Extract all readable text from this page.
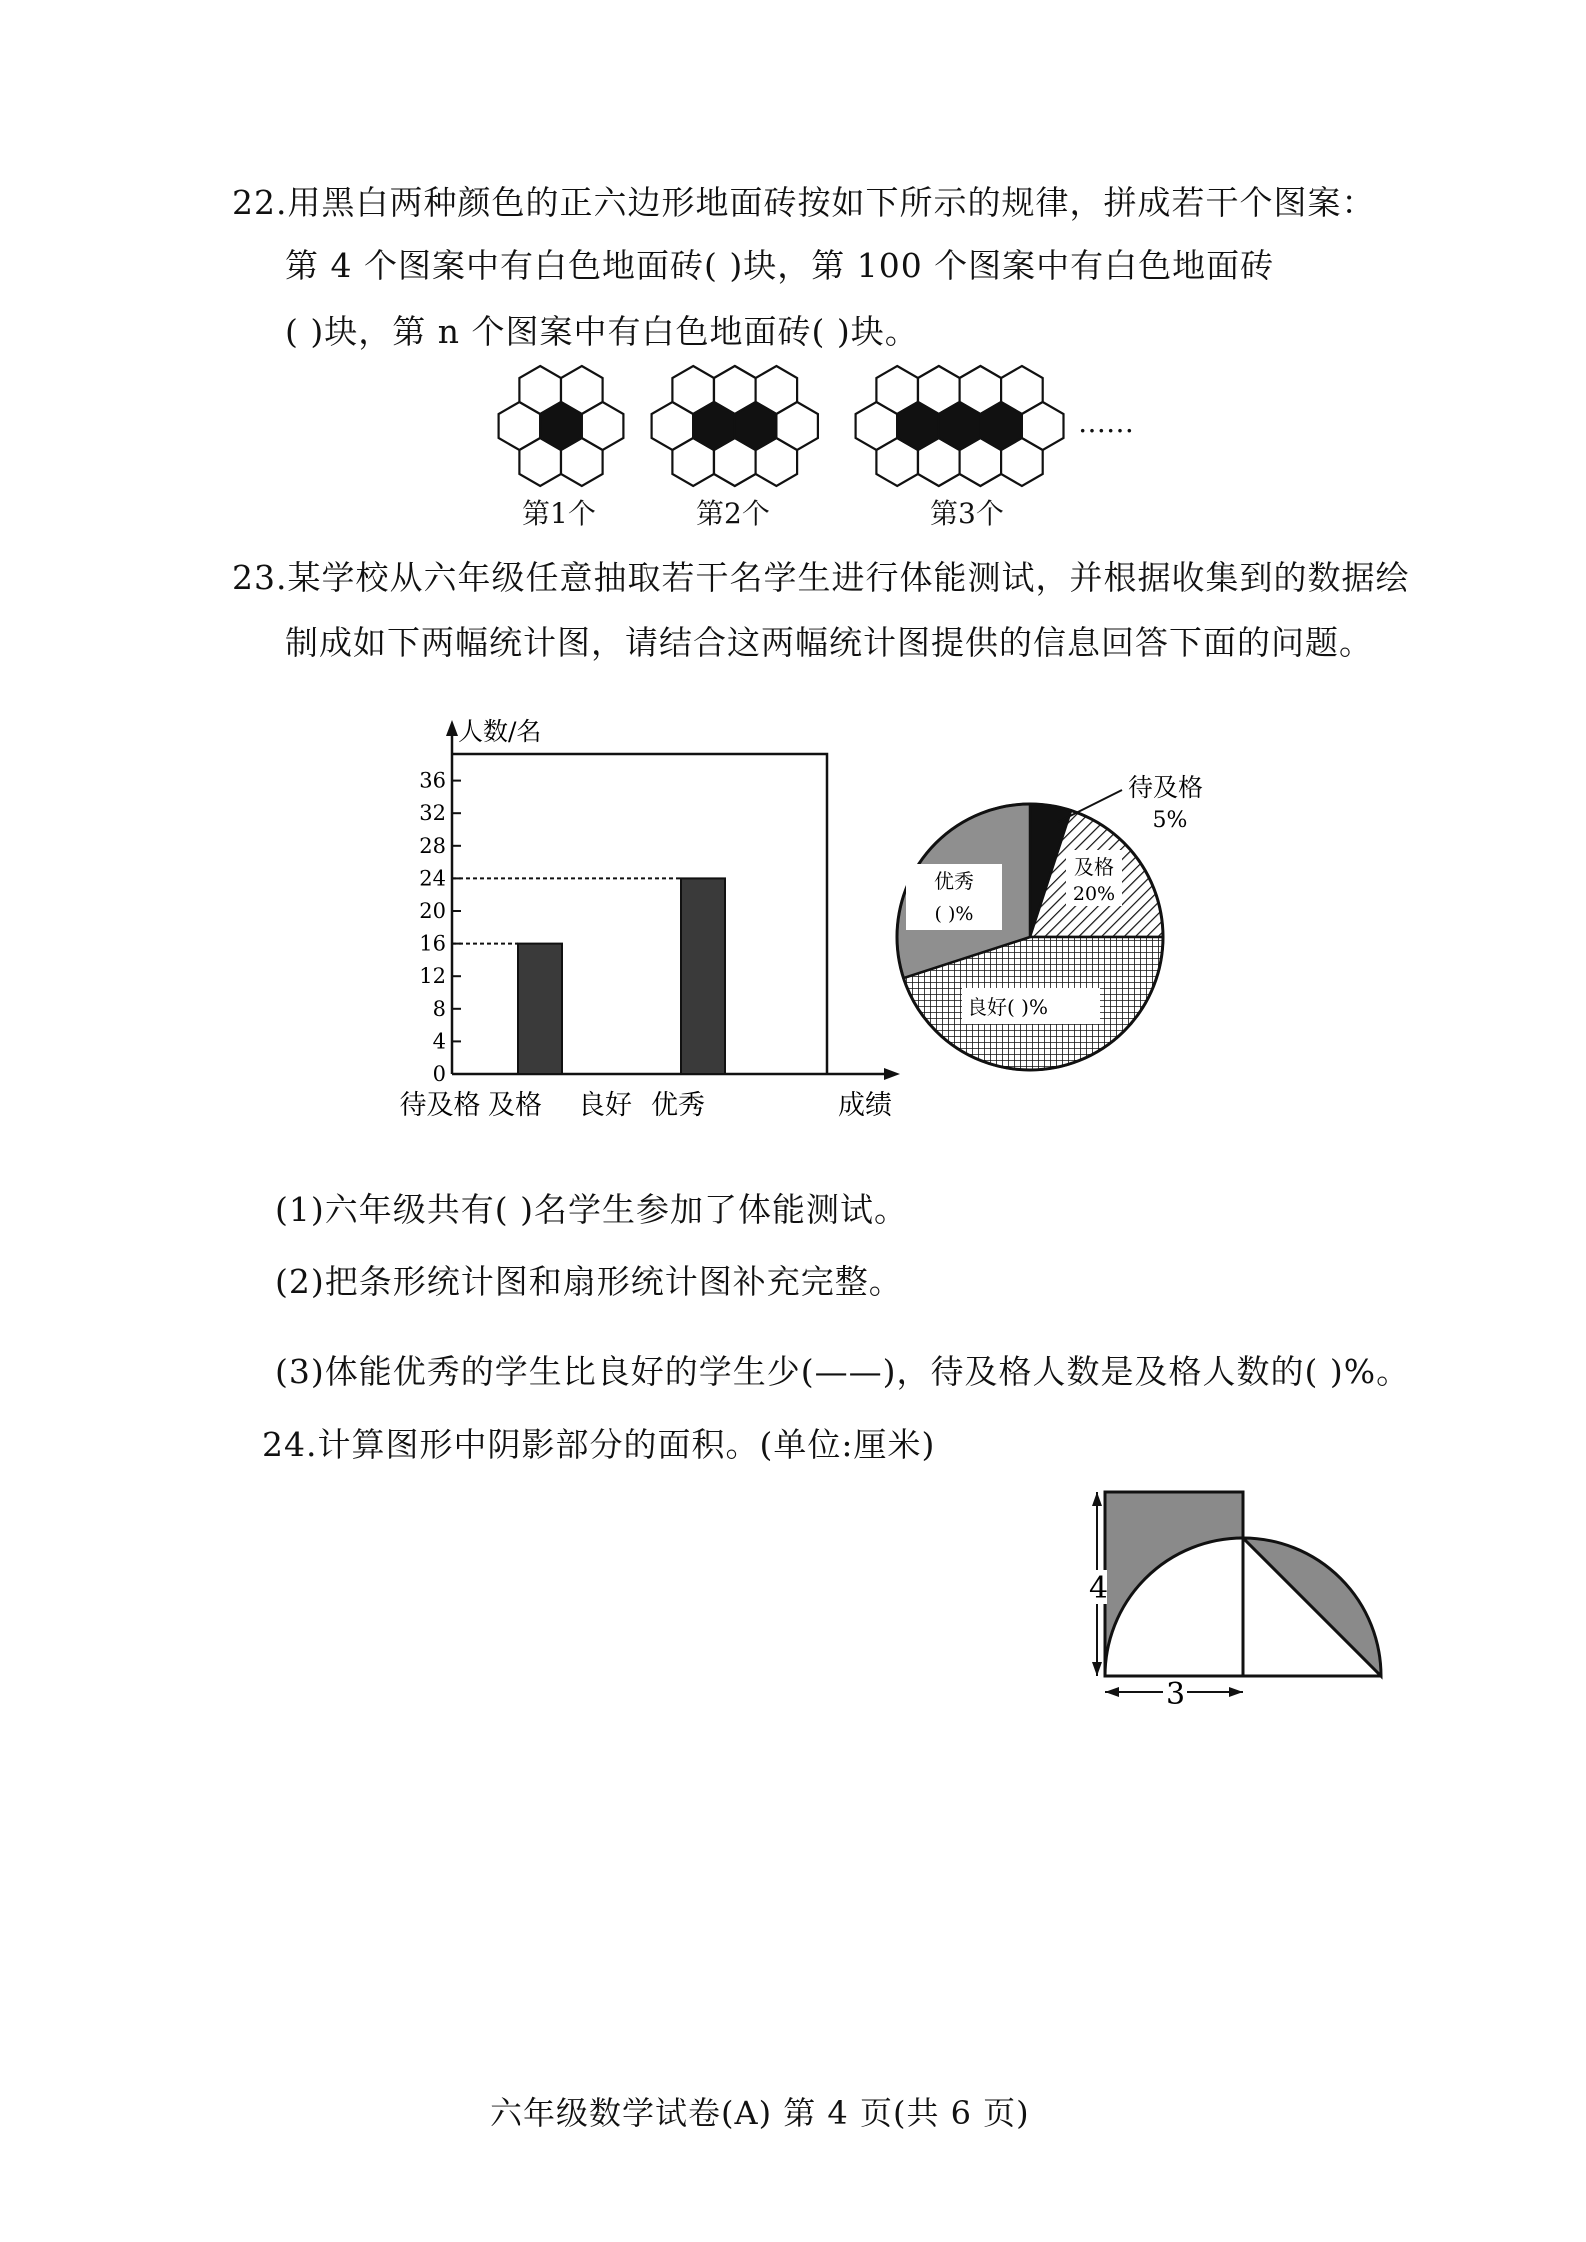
22.用黑白两种颜色的正六边形地面砖按如下所示的规律，拼成若干个图案：
第 4 个图案中有白色地面砖( )块，第 100 个图案中有白色地面砖
( )块，第 n 个图案中有白色地面砖( )块。
第1个	第2个	第3个
……
23.某学校从六年级任意抽取若干名学生进行体能测试，并根据收集到的数据绘
制成如下两幅统计图，请结合这两幅统计图提供的信息回答下面的问题。
人数/名
0
4
8
12
16
20
24
28
32
36
待及格 及格 良好 优秀	成绩
待及格
5%
及格
20%
良好( )%
优秀
( )%
(1)六年级共有( )名学生参加了体能测试。
(2)把条形统计图和扇形统计图补充完整。
(3)体能优秀的学生比良好的学生少(——)，待及格人数是及格人数的( )%。
24.计算图形中阴影部分的面积。(单位:厘米)
4
3
六年级数学试卷(A) 第 4 页(共 6 页)
